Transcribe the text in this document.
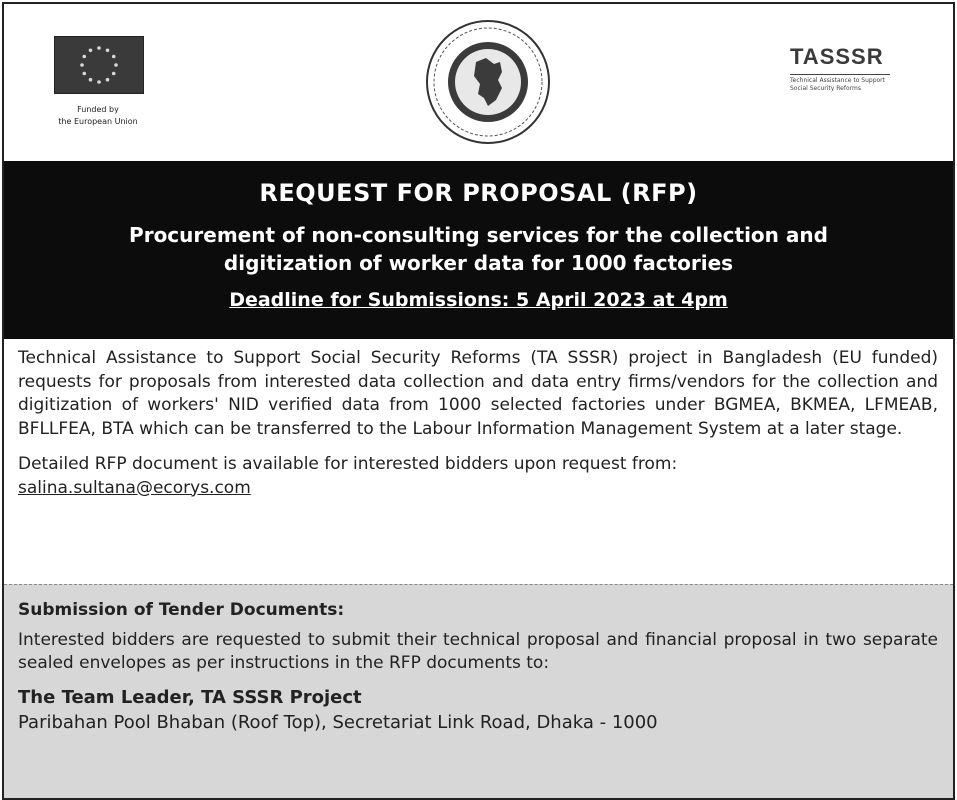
Funded by
the European Union
TASSSR
Technical Assistance to Support
Social Security Reforms
REQUEST FOR PROPOSAL (RFP)
Procurement of non-consulting services for the collection and
digitization of worker data for 1000 factories
Deadline for Submissions: 5 April 2023 at 4pm

Technical Assistance to Support Social Security Reforms (TA SSSR) project in Bangladesh (EU funded) requests for proposals from interested data collection and data entry firms/vendors for the collection and digitization of workers' NID verified data from 1000 selected factories under BGMEA, BKMEA, LFMEAB, BFLLFEA, BTA which can be transferred to the Labour Information Management System at a later stage.

Detailed RFP document is available for interested bidders upon request from:
salina.sultana@ecorys.com

Submission of Tender Documents:
Interested bidders are requested to submit their technical proposal and financial proposal in two separate sealed envelopes as per instructions in the RFP documents to:
The Team Leader, TA SSSR Project
Paribahan Pool Bhaban (Roof Top), Secretariat Link Road, Dhaka - 1000
